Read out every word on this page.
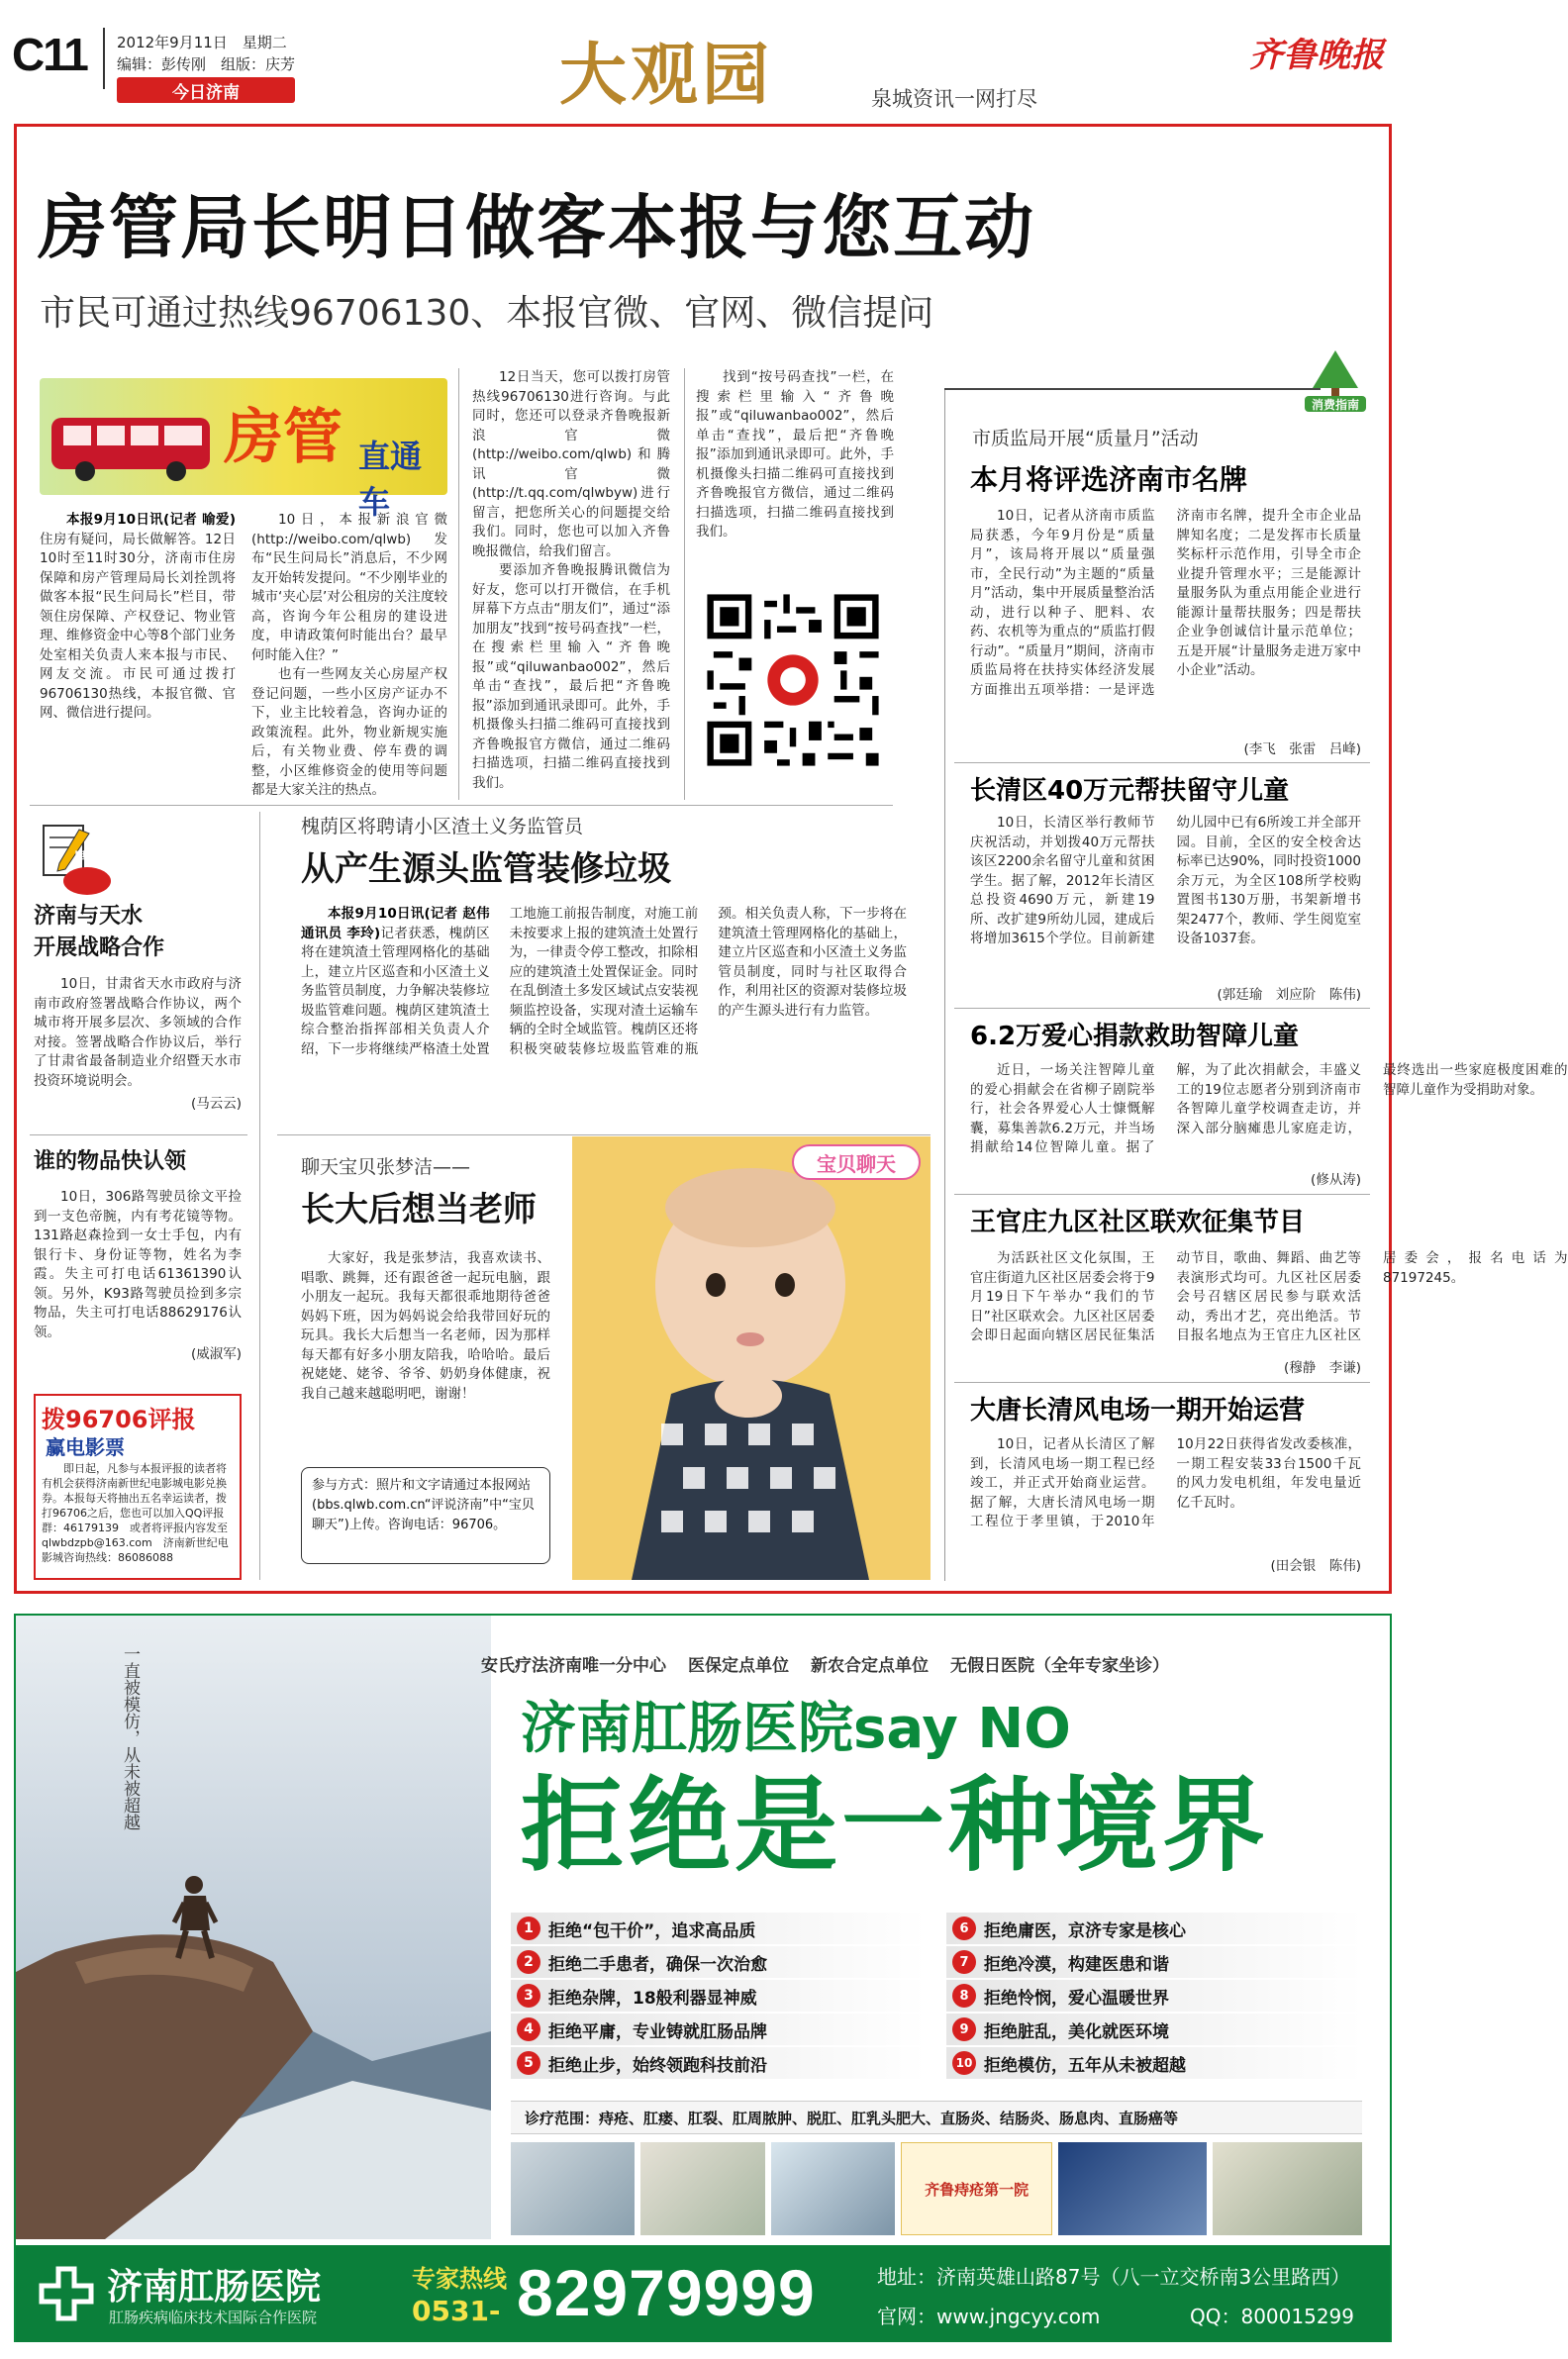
C11 2012年9月11日　星期二
编辑：彭传刚　组版：庆芳
今日济南	大观园	泉城资讯一网打尽
齐鲁晚报
房管局长明日做客本报与您互动
市民可通过热线96706130、本报官微、官网、微信提问
房管 直通车

本报9月10日讯(记者 喻爱)住房有疑问，局长做解答。12日10时至11时30分，济南市住房保障和房产管理局局长刘拴凯将做客本报“民生问局长”栏目，带领住房保障、产权登记、物业管理、维修资金中心等8个部门业务处室相关负责人来本报与市民、网友交流。市民可通过拨打96706130热线，本报官微、官网、微信进行提问。

10日，本报新浪官微(http://weibo.com/qlwb)发布“民生问局长”消息后，不少网友开始转发提问。“不少刚毕业的城市‘夹心层’对公租房的关注度较高，咨询今年公租房的建设进度，申请政策何时能出台？最早何时能入住？”

也有一些网友关心房屋产权登记问题，一些小区房产证办不下，业主比较着急，咨询办证的政策流程。此外，物业新规实施后，有关物业费、停车费的调整，小区维修资金的使用等问题都是大家关注的热点。

12日当天，您可以拨打房管热线96706130进行咨询。与此同时，您还可以登录齐鲁晚报新浪官微(http://weibo.com/qlwb)和腾讯官微(http://t.qq.com/qlwbyw)进行留言，把您所关心的问题提交给我们。同时，您也可以加入齐鲁晚报微信，给我们留言。

要添加齐鲁晚报腾讯微信为好友，您可以打开微信，在手机屏幕下方点击“朋友们”，通过“添加朋友”找到“按号码查找”一栏，在搜索栏里输入“齐鲁晚报”或“qiluwanbao002”，然后单击“查找”，最后把“齐鲁晚报”添加到通讯录即可。此外，手机摄像头扫描二维码可直接找到齐鲁晚报官方微信，通过二维码扫描选项，扫描二维码直接找到我们。

找到“按号码查找”一栏，在搜索栏里输入“齐鲁晚报”或“qiluwanbao002”，然后单击“查找”，最后把“齐鲁晚报”添加到通讯录即可。此外，手机摄像头扫描二维码可直接找到齐鲁晚报官方微信，通过二维码扫描选项，扫描二维码直接找到我们。

消费指南
市质监局开展“质量月”活动
本月将评选济南市名牌
10日，记者从济南市质监局获悉，今年9月份是“质量月”，该局将开展以“质量强市，全民行动”为主题的“质量月”活动，集中开展质量整治活动，进行以种子、肥料、农药、农机等为重点的“质监打假行动”。“质量月”期间，济南市质监局将在扶持实体经济发展方面推出五项举措：一是评选济南市名牌，提升全市企业品牌知名度；二是发挥市长质量奖标杆示范作用，引导全市企业提升管理水平；三是能源计量服务队为重点用能企业进行能源计量帮扶服务；四是帮扶企业争创诚信计量示范单位；五是开展“计量服务走进万家中小企业”活动。
(李飞　张雷　吕峰)
长清区40万元帮扶留守儿童
10日，长清区举行教师节庆祝活动，并划拨40万元帮扶该区2200余名留守儿童和贫困学生。据了解，2012年长清区总投资4690万元，新建19所、改扩建9所幼儿园，建成后将增加3615个学位。目前新建幼儿园中已有6所竣工并全部开园。目前，全区的安全校舍达标率已达90%，同时投资1000余万元，为全区108所学校购置图书130万册，书架新增书架2477个，教师、学生阅览室设备1037套。
(郭廷瑜　刘应阶　陈伟)
6.2万爱心捐款救助智障儿童
近日，一场关注智障儿童的爱心捐献会在省柳子剧院举行，社会各界爱心人士慷慨解囊，募集善款6.2万元，并当场捐献给14位智障儿童。据了解，为了此次捐献会，丰盛义工的19位志愿者分别到济南市各智障儿童学校调查走访，并深入部分脑瘫患儿家庭走访，最终选出一些家庭极度困难的智障儿童作为受捐助对象。
(修从涛)
王官庄九区社区联欢征集节目
为活跃社区文化氛围，王官庄街道九区社区居委会将于9月19日下午举办“我们的节日”社区联欢会。九区社区居委会即日起面向辖区居民征集活动节目，歌曲、舞蹈、曲艺等表演形式均可。九区社区居委会号召辖区居民参与联欢活动，秀出才艺，亮出绝活。节目报名地点为王官庄九区社区居委会，报名电话为87197245。
(穆静　李谦)
大唐长清风电场一期开始运营
10日，记者从长清区了解到，长清风电场一期工程已经竣工，并正式开始商业运营。据了解，大唐长清风电场一期工程位于孝里镇，于2010年10月22日获得省发改委核准，一期工程安装33台1500千瓦的风力发电机组，年发电量近亿千瓦时。
(田会银　陈伟)
早看
济南与天水
开展战略合作
10日，甘肃省天水市政府与济南市政府签署战略合作协议，两个城市将开展多层次、多领域的合作对接。签署战略合作协议后，举行了甘肃省最备制造业介绍暨天水市投资环境说明会。
(马云云)
谁的物品快认领
10日，306路驾驶员徐文平捡到一支色帝腕，内有考花镜等物。131路赵森捡到一女士手包，内有银行卡、身份证等物，姓名为李霞。失主可打电话61361390认领。另外，K93路驾驶员捡到多宗物品，失主可打电话88629176认领。
(威淑军)
拨96706评报
赢电影票
即日起，凡参与本报评报的读者将有机会获得济南新世纪电影城电影兑换券。本报每天将抽出五名幸运读者，拨打96706之后，您也可以加入QQ评报群：46179139　或者将评报内容发至qlwbdzpb@163.com　济南新世纪电影城咨询热线：86086088
槐荫区将聘请小区渣土义务监管员
从产生源头监管装修垃圾

本报9月10日讯(记者 赵伟　通讯员 李玲)记者获悉，槐荫区将在建筑渣土管理网格化的基础上，建立片区巡查和小区渣土义务监管员制度，力争解决装修垃圾监管难问题。槐荫区建筑渣土综合整治指挥部相关负责人介绍，下一步将继续严格渣土处置工地施工前报告制度，对施工前未按要求上报的建筑渣土处置行为，一律责令停工整改，扣除相应的建筑渣土处置保证金。同时在乱倒渣土多发区域试点安装视频监控设备，实现对渣土运输车辆的全时全域监管。槐荫区还将积极突破装修垃圾监管难的瓶颈。相关负责人称，下一步将在建筑渣土管理网格化的基础上，建立片区巡查和小区渣土义务监管员制度，同时与社区取得合作，利用社区的资源对装修垃圾的产生源头进行有力监管。

聊天宝贝张梦洁——
长大后想当老师
大家好，我是张梦洁，我喜欢读书、唱歌、跳舞，还有跟爸爸一起玩电脑，跟小朋友一起玩。我每天都很乖地期待爸爸妈妈下班，因为妈妈说会给我带回好玩的玩具。我长大后想当一名老师，因为那样每天都有好多小朋友陪我，哈哈哈。最后祝姥姥、姥爷、爷爷、奶奶身体健康，祝我自己越来越聪明吧，谢谢！
参与方式：照片和文字请通过本报网站(bbs.qlwb.com.cn“评说济南”中“宝贝聊天”)上传。咨询电话：96706。
宝贝聊天
一直被模仿，从未被超越	安氏疗法济南唯一分中心 医保定点单位 新农合定点单位 无假日医院（全年专家坐诊）
济南肛肠医院say NO
拒绝是一种境界
1 拒绝“包干价”，追求高品质
2 拒绝二手患者，确保一次治愈
3 拒绝杂牌，18般利器显神威
4 拒绝平庸，专业铸就肛肠品牌
5 拒绝止步，始终领跑科技前沿
6 拒绝庸医，京济专家是核心
7 拒绝冷漠，构建医患和谐
8 拒绝怜悯，爱心温暖世界
9 拒绝脏乱，美化就医环境
10 拒绝模仿，五年从未被超越
诊疗范围：痔疮、肛瘘、肛裂、肛周脓肿、脱肛、肛乳头肥大、直肠炎、结肠炎、肠息肉、直肠癌等
齐鲁痔疮第一院
济南肛肠医院
肛肠疾病临床技术国际合作医院
专家热线
0531- 82979999	地址：济南英雄山路87号（八一立交桥南3公里路西）
官网：www.jngcyy.com	QQ：800015299
